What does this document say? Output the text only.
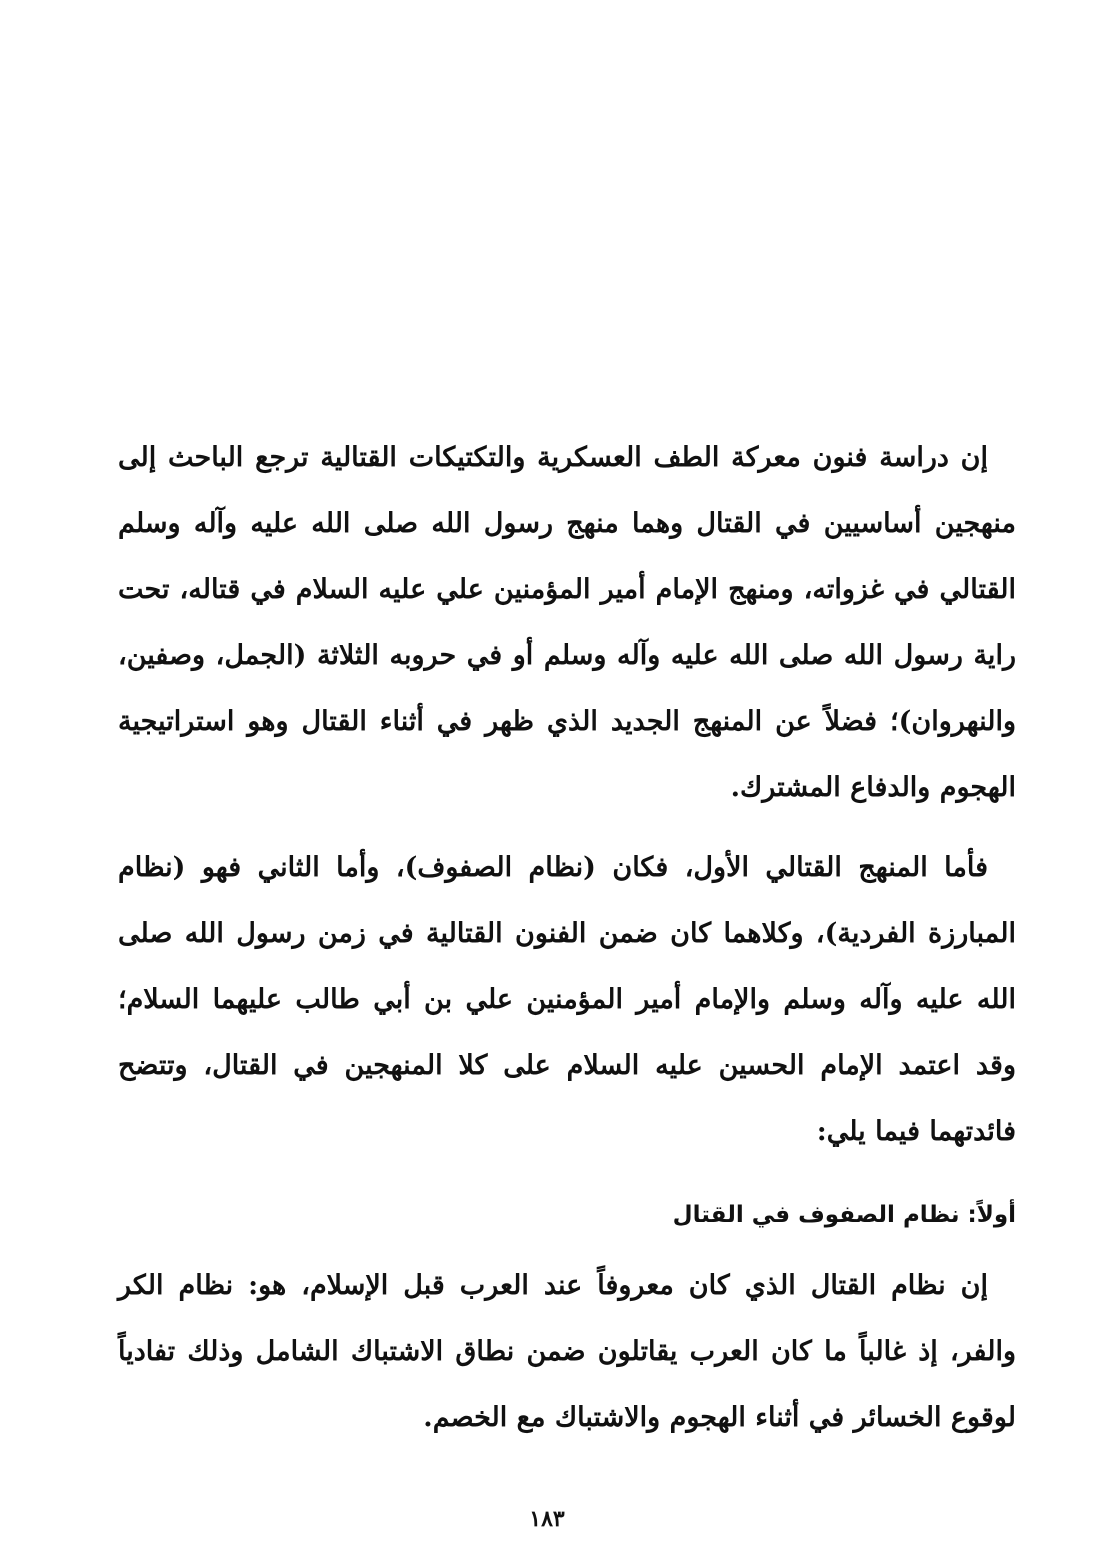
إن دراسة فنون معركة الطف العسكرية والتكتيكات القتالية ترجع الباحث إلى منهجين أساسيين في القتال وهما منهج رسول الله صلى الله عليه وآله وسلم القتالي في غزواته، ومنهج الإمام أمير المؤمنين علي عليه السلام في قتاله، تحت راية رسول الله صلى الله عليه وآله وسلم أو في حروبه الثلاثة (الجمل، وصفين، والنهروان)؛ فضلاً عن المنهج الجديد الذي ظهر في أثناء القتال وهو استراتيجية الهجوم والدفاع المشترك.

فأما المنهج القتالي الأول، فكان (نظام الصفوف)، وأما الثاني فهو (نظام المبارزة الفردية)، وكلاهما كان ضمن الفنون القتالية في زمن رسول الله صلى الله عليه وآله وسلم والإمام أمير المؤمنين علي بن أبي طالب عليهما السلام؛ وقد اعتمد الإمام الحسين عليه السلام على كلا المنهجين في القتال، وتتضح فائدتهما فيما يلي:

أولاً: نظام الصفوف في القتال

إن نظام القتال الذي كان معروفاً عند العرب قبل الإسلام، هو: نظام الكر والفر، إذ غالباً ما كان العرب يقاتلون ضمن نطاق الاشتباك الشامل وذلك تفادياً لوقوع الخسائر في أثناء الهجوم والاشتباك مع الخصم.

١٨٣
